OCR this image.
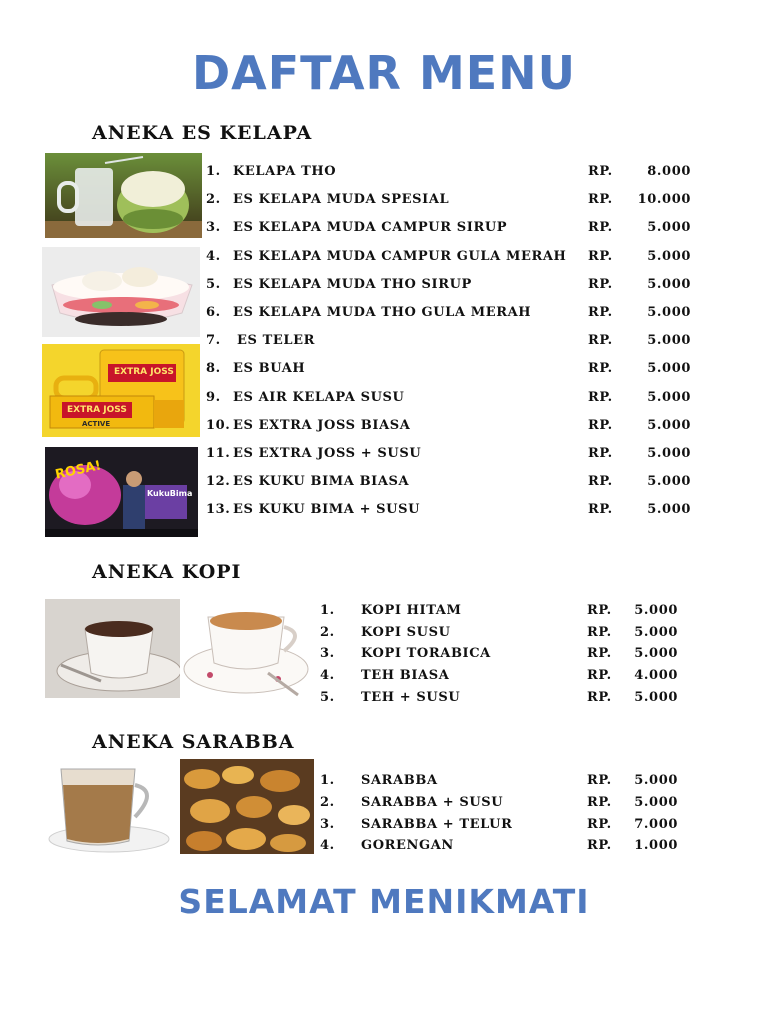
DAFTAR MENU
ANEKA ES KELAPA
EXTRA JOSS
EXTRA JOSS
ACTIVE
ROSA!
KukuBima
1. KELAPA THO	RP.	8.000
2. ES KELAPA MUDA SPESIAL	RP. 10.000
3. ES KELAPA MUDA CAMPUR SIRUP	RP.	5.000
4. ES KELAPA MUDA CAMPUR GULA MERAH RP.	5.000
5. ES KELAPA MUDA THO SIRUP	RP.	5.000
6. ES KELAPA MUDA THO GULA MERAH	RP.	5.000
7. ES TELER	RP.	5.000
8. ES BUAH	RP.	5.000
9. ES AIR KELAPA SUSU	RP.	5.000
10. ES EXTRA JOSS BIASA	RP.	5.000
11. ES EXTRA JOSS + SUSU	RP.	5.000
12. ES KUKU BIMA BIASA	RP.	5.000
13. ES KUKU BIMA + SUSU	RP.	5.000
ANEKA KOPI
1. KOPI HITAM	RP. 5.000
2. KOPI SUSU	RP. 5.000
3. KOPI TORABICA	RP. 5.000
4. TEH BIASA	RP. 4.000
5. TEH + SUSU	RP. 5.000
ANEKA SARABBA
1. SARABBA	RP. 5.000
2. SARABBA + SUSU	RP. 5.000
3. SARABBA + TELUR	RP. 7.000
4. GORENGAN	RP. 1.000
SELAMAT MENIKMATI
